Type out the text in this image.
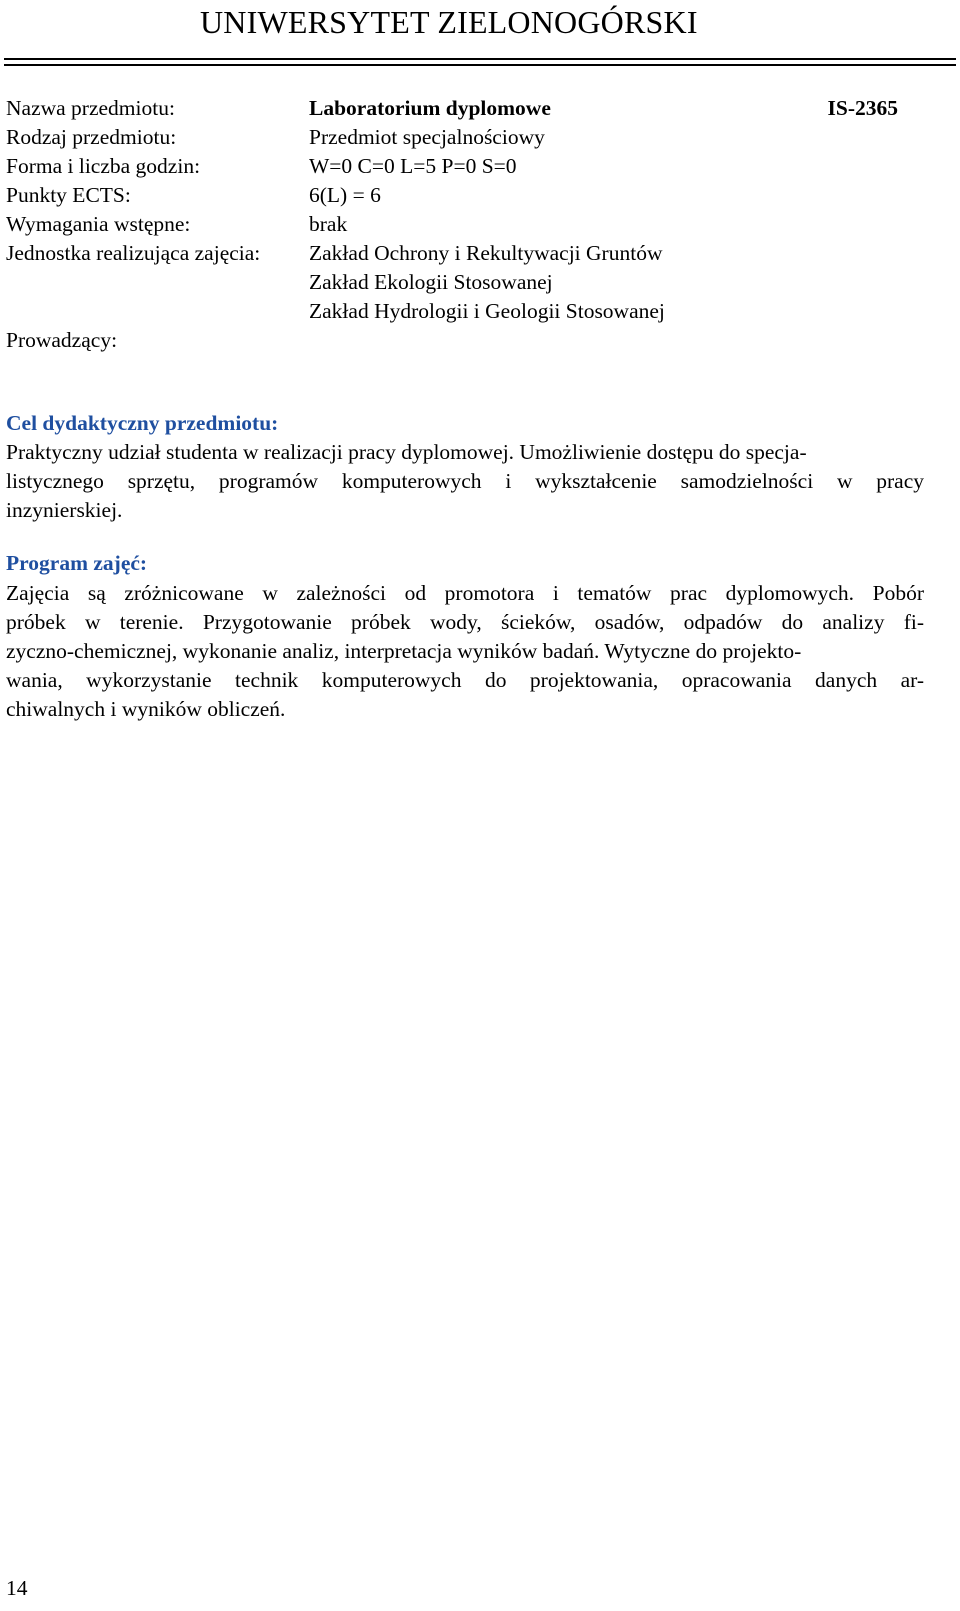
UNIWERSYTET ZIELONOGÓRSKI
Nazwa przedmiotu:	Laboratorium dyplomowe	IS-2365
Rodzaj przedmiotu:	Przedmiot specjalnościowy
Forma i liczba godzin:	W=0 C=0 L=5 P=0 S=0
Punkty ECTS:	6(L) = 6
Wymagania wstępne:	brak
Jednostka realizująca zajęcia: Zakład Ochrony i Rekultywacji Gruntów
Zakład Ekologii Stosowanej
Zakład Hydrologii i Geologii Stosowanej
Prowadzący:
Cel dydaktyczny przedmiotu:
Praktyczny udział studenta w realizacji pracy dyplomowej. Umożliwienie dostępu do specja-
listycznego sprzętu, programów komputerowych i wykształcenie samodzielności w pracy
inzynierskiej.
Program zajęć:
Zajęcia są zróżnicowane w zależności od promotora i tematów prac dyplomowych. Pobór
próbek w terenie. Przygotowanie próbek wody, ścieków, osadów, odpadów do analizy fi-
zyczno-chemicznej, wykonanie analiz, interpretacja wyników badań. Wytyczne do projekto-
wania, wykorzystanie technik komputerowych do projektowania, opracowania danych ar-
chiwalnych i wyników obliczeń.
14
